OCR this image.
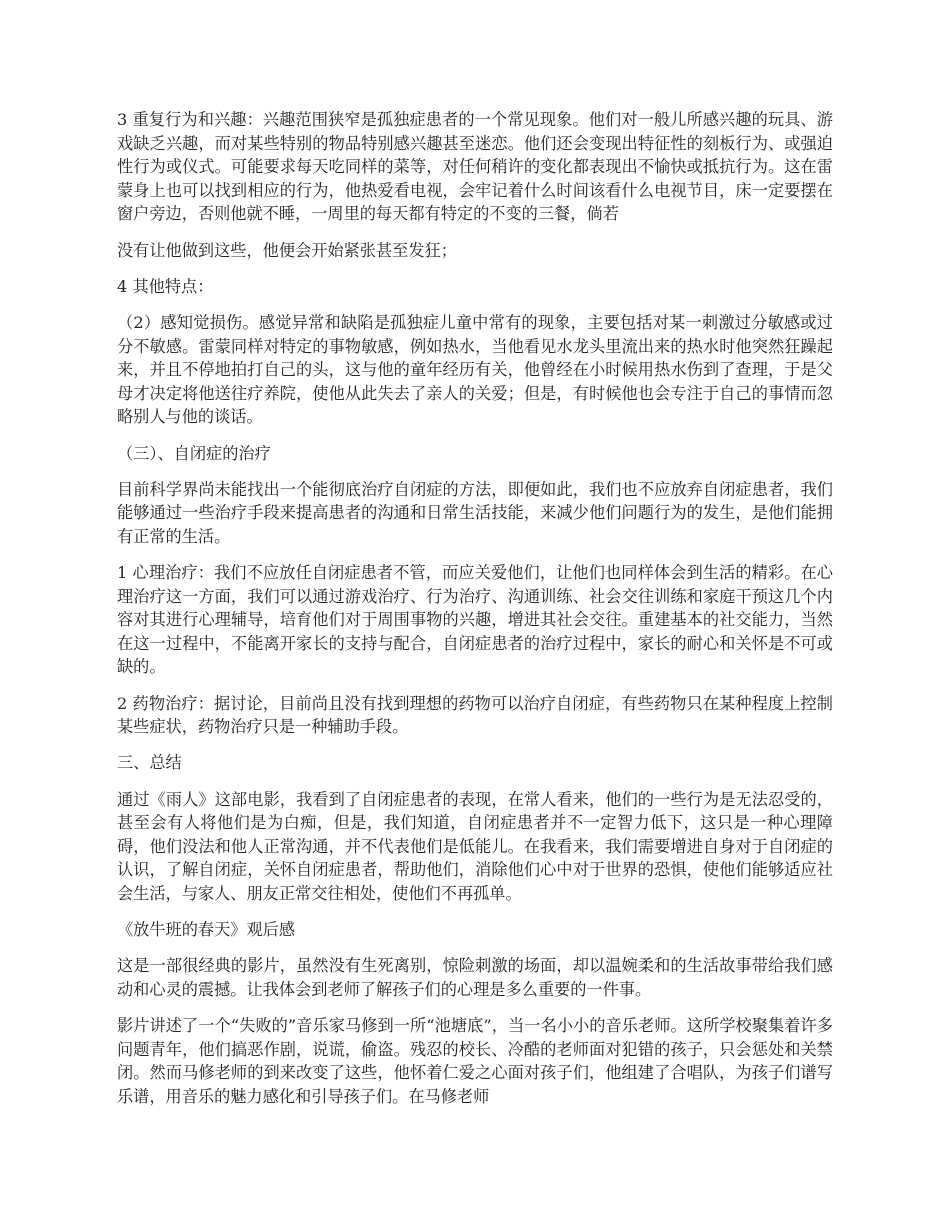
3 重复行为和兴趣：兴趣范围狭窄是孤独症患者的一个常见现象。他们对一般儿所感兴趣的玩具、游戏缺乏兴趣，而对某些特别的物品特别感兴趣甚至迷恋。他们还会变现出特征性的刻板行为、或强迫性行为或仪式。可能要求每天吃同样的菜等，对任何稍许的变化都表现出不愉快或抵抗行为。这在雷蒙身上也可以找到相应的行为，他热爱看电视，会牢记着什么时间该看什么电视节目，床一定要摆在窗户旁边，否则他就不睡，一周里的每天都有特定的不变的三餐，倘若

没有让他做到这些，他便会开始紧张甚至发狂；

4 其他特点：

（2）感知觉损伤。感觉异常和缺陷是孤独症儿童中常有的现象，主要包括对某一刺激过分敏感或过分不敏感。雷蒙同样对特定的事物敏感，例如热水，当他看见水龙头里流出来的热水时他突然狂躁起来，并且不停地拍打自己的头，这与他的童年经历有关，他曾经在小时候用热水伤到了查理，于是父母才决定将他送往疗养院，使他从此失去了亲人的关爱；但是，有时候他也会专注于自己的事情而忽略别人与他的谈话。

（三）、自闭症的治疗

目前科学界尚未能找出一个能彻底治疗自闭症的方法，即便如此，我们也不应放弃自闭症患者，我们能够通过一些治疗手段来提高患者的沟通和日常生活技能，来减少他们问题行为的发生，是他们能拥有正常的生活。

1 心理治疗：我们不应放任自闭症患者不管，而应关爱他们，让他们也同样体会到生活的精彩。在心理治疗这一方面，我们可以通过游戏治疗、行为治疗、沟通训练、社会交往训练和家庭干预这几个内容对其进行心理辅导，培育他们对于周围事物的兴趣，增进其社会交往。重建基本的社交能力，当然在这一过程中，不能离开家长的支持与配合，自闭症患者的治疗过程中，家长的耐心和关怀是不可或缺的。

2 药物治疗：据讨论，目前尚且没有找到理想的药物可以治疗自闭症，有些药物只在某种程度上控制某些症状，药物治疗只是一种辅助手段。

三、总结

通过《雨人》这部电影，我看到了自闭症患者的表现，在常人看来，他们的一些行为是无法忍受的，甚至会有人将他们是为白痴，但是，我们知道，自闭症患者并不一定智力低下，这只是一种心理障碍，他们没法和他人正常沟通，并不代表他们是低能儿。在我看来，我们需要增进自身对于自闭症的认识，了解自闭症，关怀自闭症患者，帮助他们，消除他们心中对于世界的恐惧，使他们能够适应社会生活，与家人、朋友正常交往相处，使他们不再孤单。

《放牛班的春天》观后感

这是一部很经典的影片，虽然没有生死离别，惊险刺激的场面，却以温婉柔和的生活故事带给我们感动和心灵的震撼。让我体会到老师了解孩子们的心理是多么重要的一件事。

影片讲述了一个“失败的”音乐家马修到一所“池塘底”，当一名小小的音乐老师。这所学校聚集着许多问题青年，他们搞恶作剧，说谎，偷盗。残忍的校长、冷酷的老师面对犯错的孩子，只会惩处和关禁闭。然而马修老师的到来改变了这些，他怀着仁爱之心面对孩子们，他组建了合唱队，为孩子们谱写乐谱，用音乐的魅力感化和引导孩子们。在马修老师
